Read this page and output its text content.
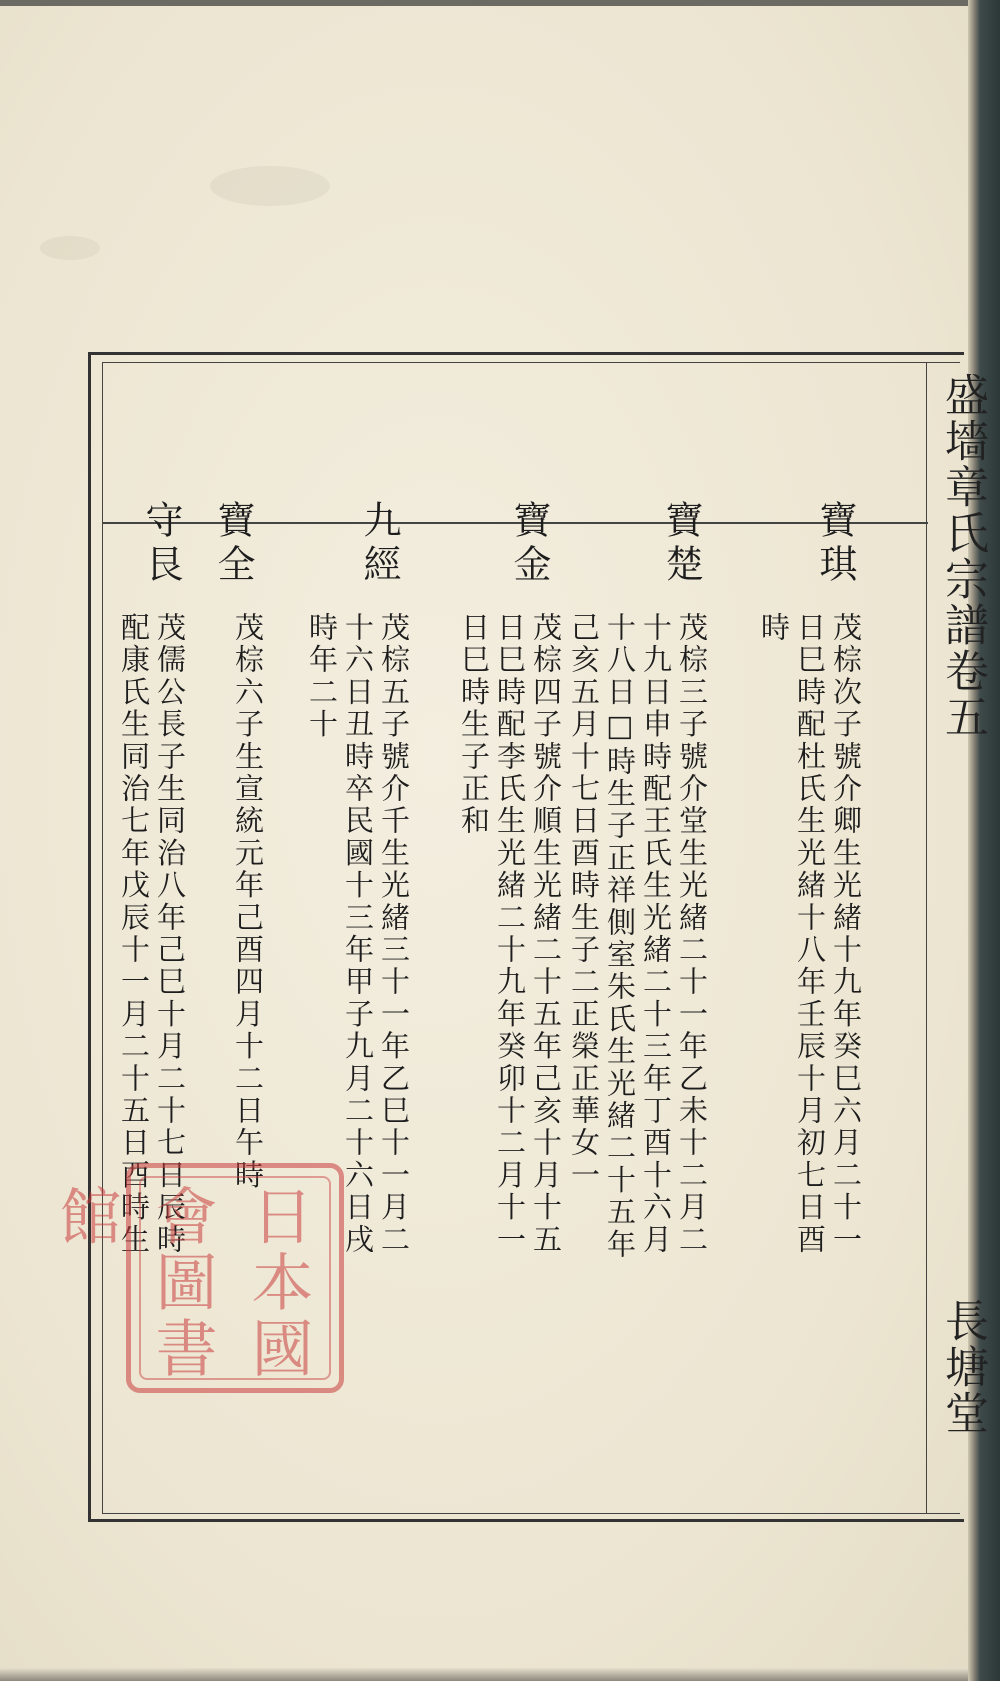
盛墻章氏宗譜卷五
長塘堂
寶琪
茂棕次子號介卿生光緒十九年癸巳六月二十一
日巳時配杜氏生光緒十八年壬辰十月初七日酉
時
寶楚
茂棕三子號介堂生光緒二十一年乙未十二月二
十九日申時配王氏生光緒二十三年丁酉十六月
十八日□時生子正祥側室朱氏生光緒二十五年
己亥五月十七日酉時生子二正榮正華女一
寶金
茂棕四子號介順生光緒二十五年己亥十月十五
日巳時配李氏生光緒二十九年癸卯十二月十一
日巳時生子正和
九經
茂棕五子號介千生光緒三十一年乙巳十一月二
十六日丑時卒民國十三年甲子九月二十六日戌
時年二十
寶全
茂棕六子生宣統元年己酉四月十二日午時
守艮
茂儒公長子生同治八年己巳十月二十七日辰時
配康氏生同治七年戊辰十一月二十五日酉時生
日本國會圖書館
